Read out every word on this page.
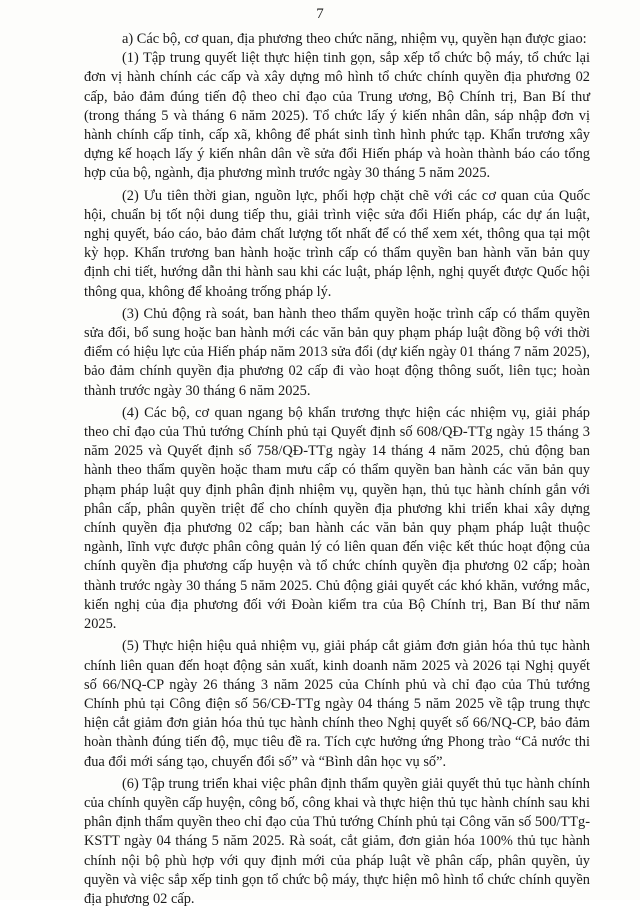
7

a) Các bộ, cơ quan, địa phương theo chức năng, nhiệm vụ, quyền hạn được giao:

(1) Tập trung quyết liệt thực hiện tinh gọn, sắp xếp tổ chức bộ máy, tổ chức lại đơn vị hành chính các cấp và xây dựng mô hình tổ chức chính quyền địa phương 02 cấp, bảo đảm đúng tiến độ theo chỉ đạo của Trung ương, Bộ Chính trị, Ban Bí thư (trong tháng 5 và tháng 6 năm 2025). Tổ chức lấy ý kiến nhân dân, sáp nhập đơn vị hành chính cấp tỉnh, cấp xã, không để phát sinh tình hình phức tạp. Khẩn trương xây dựng kế hoạch lấy ý kiến nhân dân về sửa đổi Hiến pháp và hoàn thành báo cáo tổng hợp của bộ, ngành, địa phương mình trước ngày 30 tháng 5 năm 2025.

(2) Ưu tiên thời gian, nguồn lực, phối hợp chặt chẽ với các cơ quan của Quốc hội, chuẩn bị tốt nội dung tiếp thu, giải trình việc sửa đổi Hiến pháp, các dự án luật, nghị quyết, báo cáo, bảo đảm chất lượng tốt nhất để có thể xem xét, thông qua tại một kỳ họp. Khẩn trương ban hành hoặc trình cấp có thẩm quyền ban hành văn bản quy định chi tiết, hướng dẫn thi hành sau khi các luật, pháp lệnh, nghị quyết được Quốc hội thông qua, không để khoảng trống pháp lý.

(3) Chủ động rà soát, ban hành theo thẩm quyền hoặc trình cấp có thẩm quyền sửa đổi, bổ sung hoặc ban hành mới các văn bản quy phạm pháp luật đồng bộ với thời điểm có hiệu lực của Hiến pháp năm 2013 sửa đổi (dự kiến ngày 01 tháng 7 năm 2025), bảo đảm chính quyền địa phương 02 cấp đi vào hoạt động thông suốt, liên tục; hoàn thành trước ngày 30 tháng 6 năm 2025.

(4) Các bộ, cơ quan ngang bộ khẩn trương thực hiện các nhiệm vụ, giải pháp theo chỉ đạo của Thủ tướng Chính phủ tại Quyết định số 608/QĐ-TTg ngày 15 tháng 3 năm 2025 và Quyết định số 758/QĐ-TTg ngày 14 tháng 4 năm 2025, chủ động ban hành theo thẩm quyền hoặc tham mưu cấp có thẩm quyền ban hành các văn bản quy phạm pháp luật quy định phân định nhiệm vụ, quyền hạn, thủ tục hành chính gắn với phân cấp, phân quyền triệt để cho chính quyền địa phương khi triển khai xây dựng chính quyền địa phương 02 cấp; ban hành các văn bản quy phạm pháp luật thuộc ngành, lĩnh vực được phân công quản lý có liên quan đến việc kết thúc hoạt động của chính quyền địa phương cấp huyện và tổ chức chính quyền địa phương 02 cấp; hoàn thành trước ngày 30 tháng 5 năm 2025. Chủ động giải quyết các khó khăn, vướng mắc, kiến nghị của địa phương đối với Đoàn kiểm tra của Bộ Chính trị, Ban Bí thư năm 2025.

(5) Thực hiện hiệu quả nhiệm vụ, giải pháp cắt giảm đơn giản hóa thủ tục hành chính liên quan đến hoạt động sản xuất, kinh doanh năm 2025 và 2026 tại Nghị quyết số 66/NQ-CP ngày 26 tháng 3 năm 2025 của Chính phủ và chỉ đạo của Thủ tướng Chính phủ tại Công điện số 56/CĐ-TTg ngày 04 tháng 5 năm 2025 về tập trung thực hiện cắt giảm đơn giản hóa thủ tục hành chính theo Nghị quyết số 66/NQ-CP, bảo đảm hoàn thành đúng tiến độ, mục tiêu đề ra. Tích cực hưởng ứng Phong trào “Cả nước thi đua đổi mới sáng tạo, chuyển đổi số” và “Bình dân học vụ số”.

(6) Tập trung triển khai việc phân định thẩm quyền giải quyết thủ tục hành chính của chính quyền cấp huyện, công bố, công khai và thực hiện thủ tục hành chính sau khi phân định thẩm quyền theo chỉ đạo của Thủ tướng Chính phủ tại Công văn số 500/TTg-KSTT ngày 04 tháng 5 năm 2025. Rà soát, cắt giảm, đơn giản hóa 100% thủ tục hành chính nội bộ phù hợp với quy định mới của pháp luật về phân cấp, phân quyền, ủy quyền và việc sắp xếp tinh gọn tổ chức bộ máy, thực hiện mô hình tổ chức chính quyền địa phương 02 cấp.
